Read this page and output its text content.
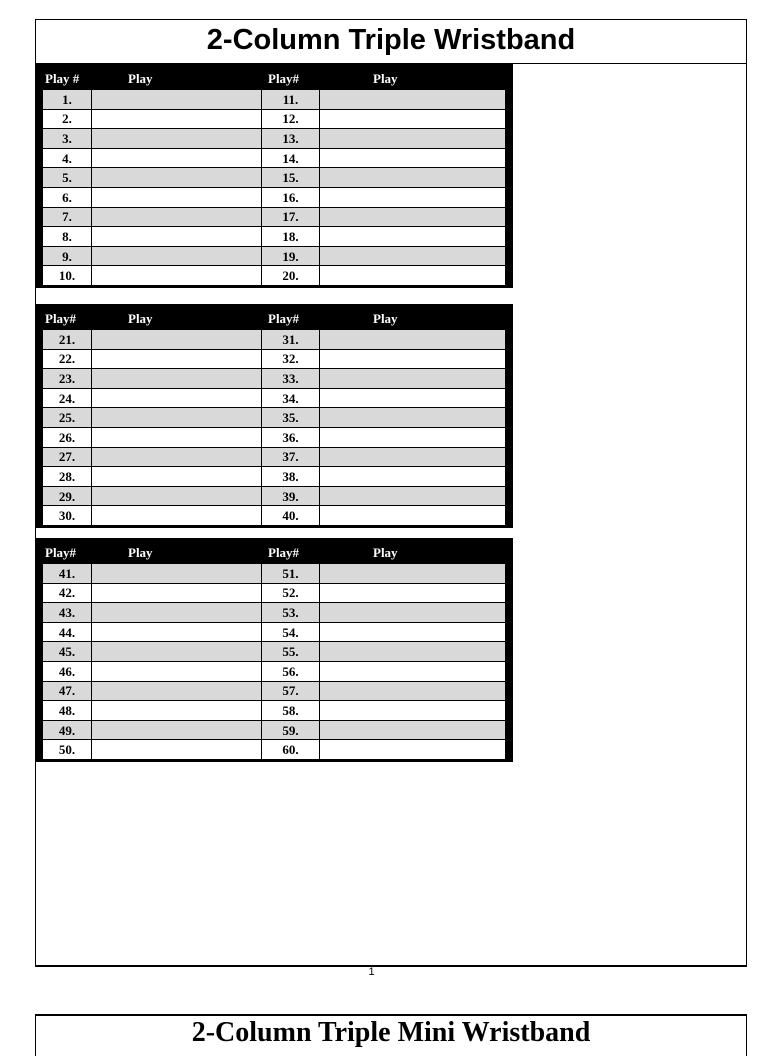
2-Column Triple Wristband
Play #	Play	Play#	Play
1.		11.	
2.		12.	
3.		13.	
4.		14.	
5.		15.	
6.		16.	
7.		17.	
8.		18.	
9.		19.	
10.		20.	
Play#	Play	Play#	Play
21.		31.	
22.		32.	
23.		33.	
24.		34.	
25.		35.	
26.		36.	
27.		37.	
28.		38.	
29.		39.	
30.		40.	
Play#	Play	Play#	Play
41.		51.	
42.		52.	
43.		53.	
44.		54.	
45.		55.	
46.		56.	
47.		57.	
48.		58.	
49.		59.	
50.		60.	
1
2-Column Triple Mini Wristband
